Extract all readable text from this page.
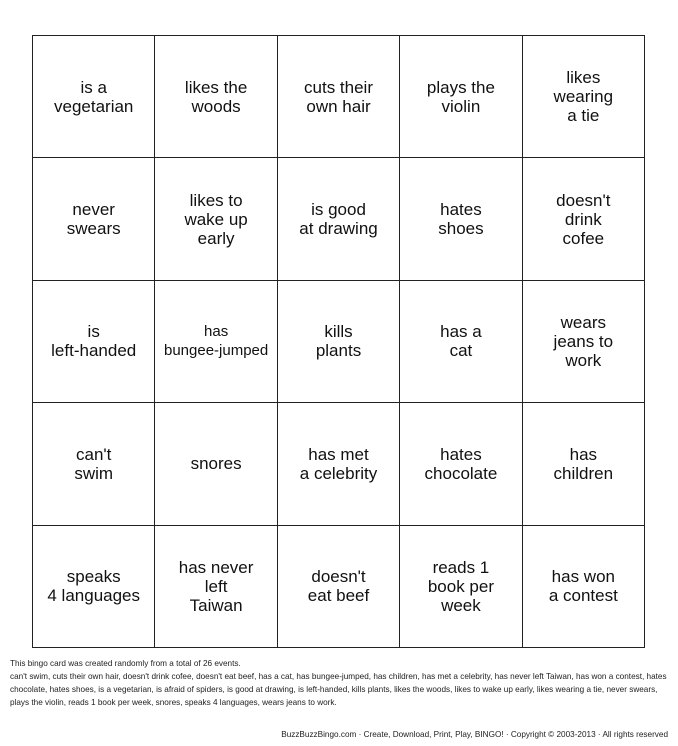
is a
vegetarian
likes the
woods
cuts their
own hair
plays the
violin
likes
wearing
a tie
never
swears
likes to
wake up
early
is good
at drawing
hates
shoes
doesn't
drink
cofee
is
left-handed
has
bungee-jumped
kills
plants
has a
cat
wears
jeans to
work
can't
swim	snores	has met
a celebrity
hates
chocolate
has
children
speaks
4 languages
has never
left
Taiwan
doesn't
eat beef
reads 1
book per
week
has won
a contest
This bingo card was created randomly from a total of 26 events.
can't swim, cuts their own hair, doesn't drink cofee, doesn't eat beef, has a cat, has bungee-jumped, has children, has met a celebrity, has never left Taiwan, has won a contest, hates chocolate, hates shoes, is a vegetarian, is afraid of spiders, is good at drawing, is left-handed, kills plants, likes the woods, likes to wake up early, likes wearing a tie, never swears, plays the violin, reads 1 book per week, snores, speaks 4 languages, wears jeans to work.
BuzzBuzzBingo.com · Create, Download, Print, Play, BINGO! · Copyright © 2003-2013 · All rights reserved
